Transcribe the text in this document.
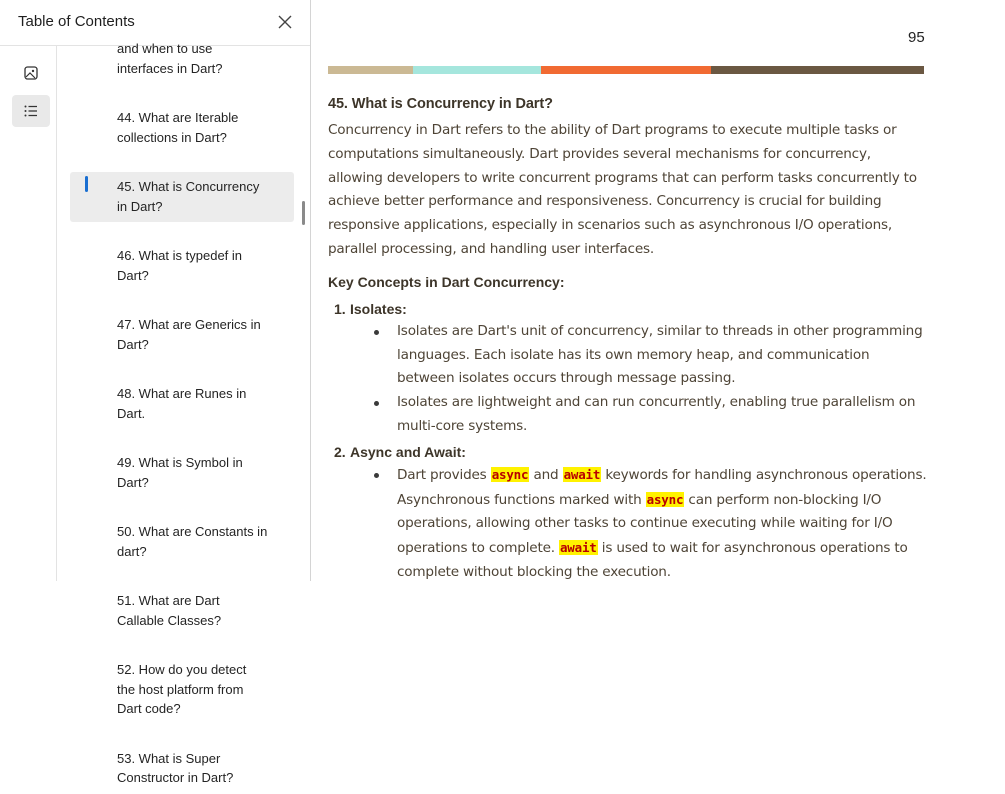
Table of Contents
and when to use
interfaces in Dart?
44. What are Iterable
collections in Dart?
45. What is Concurrency
in Dart?
46. What is typedef in
Dart?
47. What are Generics in
Dart?
48. What are Runes in
Dart.
49. What is Symbol in
Dart?
50. What are Constants in
dart?
51. What are Dart
Callable Classes?
52. How do you detect
the host platform from
Dart code?
53. What is Super
Constructor in Dart?
95
45. What is Concurrency in Dart?

Concurrency in Dart refers to the ability of Dart programs to execute multiple tasks or computations simultaneously. Dart provides several mechanisms for concurrency, allowing developers to write concurrent programs that can perform tasks concurrently to achieve better performance and responsiveness. Concurrency is crucial for building responsive applications, especially in scenarios such as asynchronous I/O operations, parallel processing, and handling user interfaces.

Key Concepts in Dart Concurrency:
1. Isolates:
Isolates are Dart's unit of concurrency, similar to threads in other programming languages. Each isolate has its own memory heap, and communication between isolates occurs through message passing.
Isolates are lightweight and can run concurrently, enabling true parallelism on multi-core systems.
2. Async and Await:
Dart provides async and await keywords for handling asynchronous operations. Asynchronous functions marked with async can perform non-blocking I/O operations, allowing other tasks to continue executing while waiting for I/O operations to complete. await is used to wait for asynchronous operations to complete without blocking the execution.
